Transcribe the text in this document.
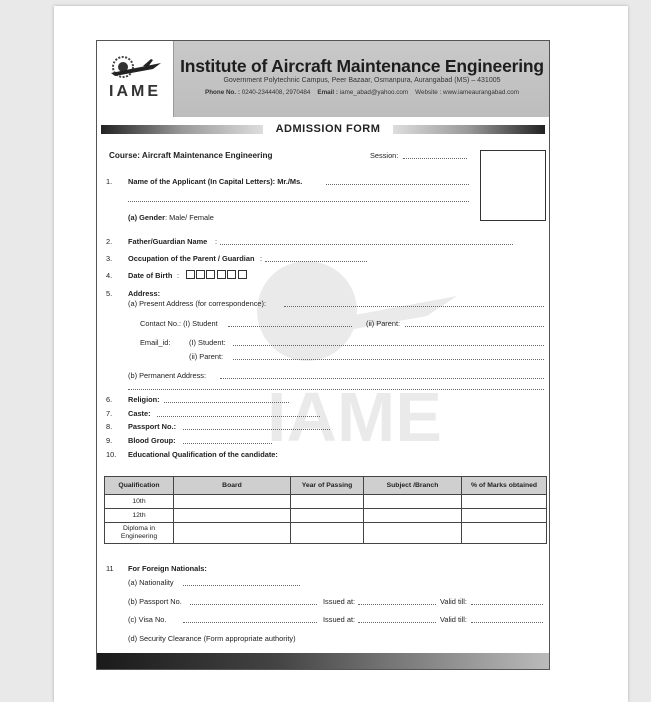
IAME
IAME
Institute of Aircraft Maintenance Engineering
Government Polytechnic Campus, Peer Bazaar, Osmanpura, Aurangabad (MS) – 431005
Phone No. : 0240-2344408, 2970484 Email : iame_abad@yahoo.com Website : www.iameaurangabad.com
ADMISSION FORM
Course: Aircraft Maintenance Engineering	Session:
1. Name of the Applicant (In Capital Letters): Mr./Ms.
(a) Gender: Male/ Female
2. Father/Guardian Name :
3. Occupation of the Parent / Guardian :
4. Date of Birth :
5. Address:
(a) Present Address (for correspondence):
Contact No.: (I) Student	(ii) Parent:
Email_id:	(I) Student:
(ii) Parent:
(b) Permanent Address:
6. Religion:
7. Caste:
8. Passport No.:
9. Blood Group:
10. Educational Qualification of the candidate:
Qualification	Board	Year of Passing	Subject /Branch	% of Marks obtained
10th				
12th				
Diploma in Engineering				
11 For Foreign Nationals:
(a) Nationality
(b) Passport No.	Issued at:	Valid till:
(c) Visa No.	Issued at:	Valid till:
(d) Security Clearance (Form appropriate authority)
